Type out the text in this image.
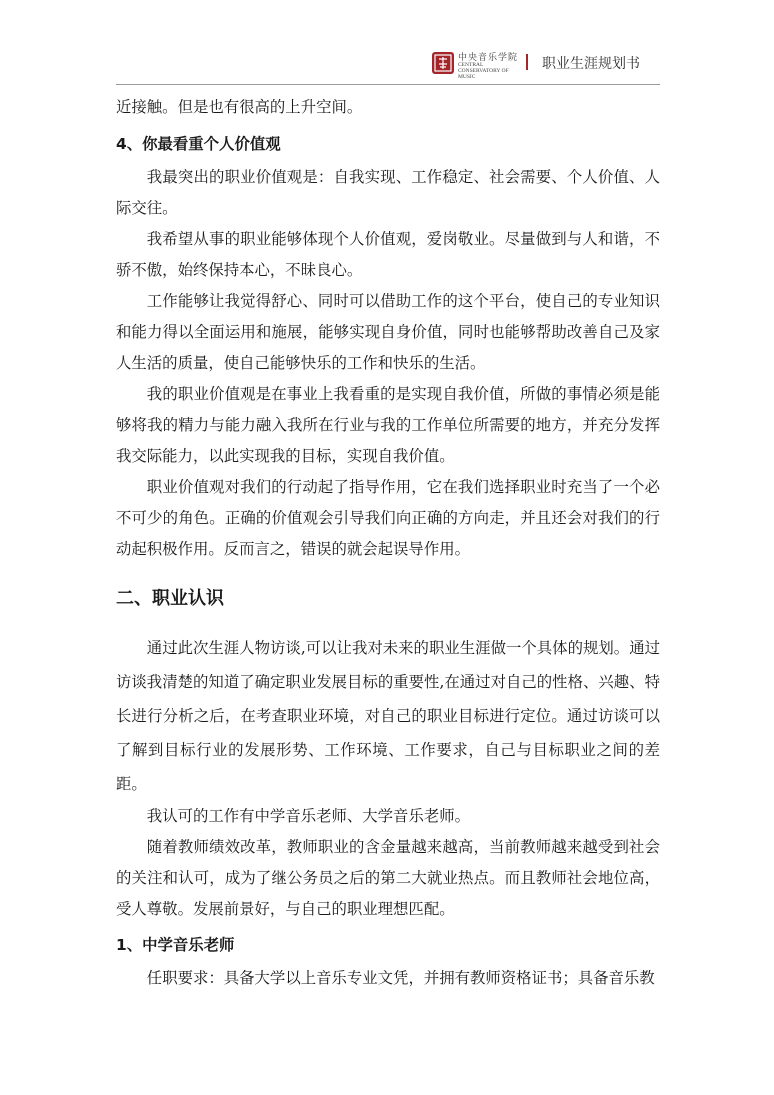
中央音乐学院
CENTRAL CONSERVATORY OF MUSIC
职业生涯规划书

近接触。但是也有很高的上升空间。

4、你最看重个人价值观

我最突出的职业价值观是：自我实现、工作稳定、社会需要、个人价值、人际交往。

我希望从事的职业能够体现个人价值观，爱岗敬业。尽量做到与人和谐，不骄不傲，始终保持本心，不昧良心。

工作能够让我觉得舒心、同时可以借助工作的这个平台，使自己的专业知识和能力得以全面运用和施展，能够实现自身价值，同时也能够帮助改善自己及家人生活的质量，使自己能够快乐的工作和快乐的生活。

我的职业价值观是在事业上我看重的是实现自我价值，所做的事情必须是能够将我的精力与能力融入我所在行业与我的工作单位所需要的地方，并充分发挥我交际能力，以此实现我的目标，实现自我价值。

职业价值观对我们的行动起了指导作用，它在我们选择职业时充当了一个必不可少的角色。正确的价值观会引导我们向正确的方向走，并且还会对我们的行动起积极作用。反而言之，错误的就会起误导作用。

二、职业认识

通过此次生涯人物访谈,可以让我对未来的职业生涯做一个具体的规划。通过访谈我清楚的知道了确定职业发展目标的重要性,在通过对自己的性格、兴趣、特长进行分析之后，在考查职业环境，对自己的职业目标进行定位。通过访谈可以了解到目标行业的发展形势、工作环境、工作要求，自己与目标职业之间的差距。

我认可的工作有中学音乐老师、大学音乐老师。

随着教师绩效改革，教师职业的含金量越来越高，当前教师越来越受到社会的关注和认可，成为了继公务员之后的第二大就业热点。而且教师社会地位高，受人尊敬。发展前景好，与自己的职业理想匹配。

1、中学音乐老师

任职要求：具备大学以上音乐专业文凭，并拥有教师资格证书；具备音乐教
